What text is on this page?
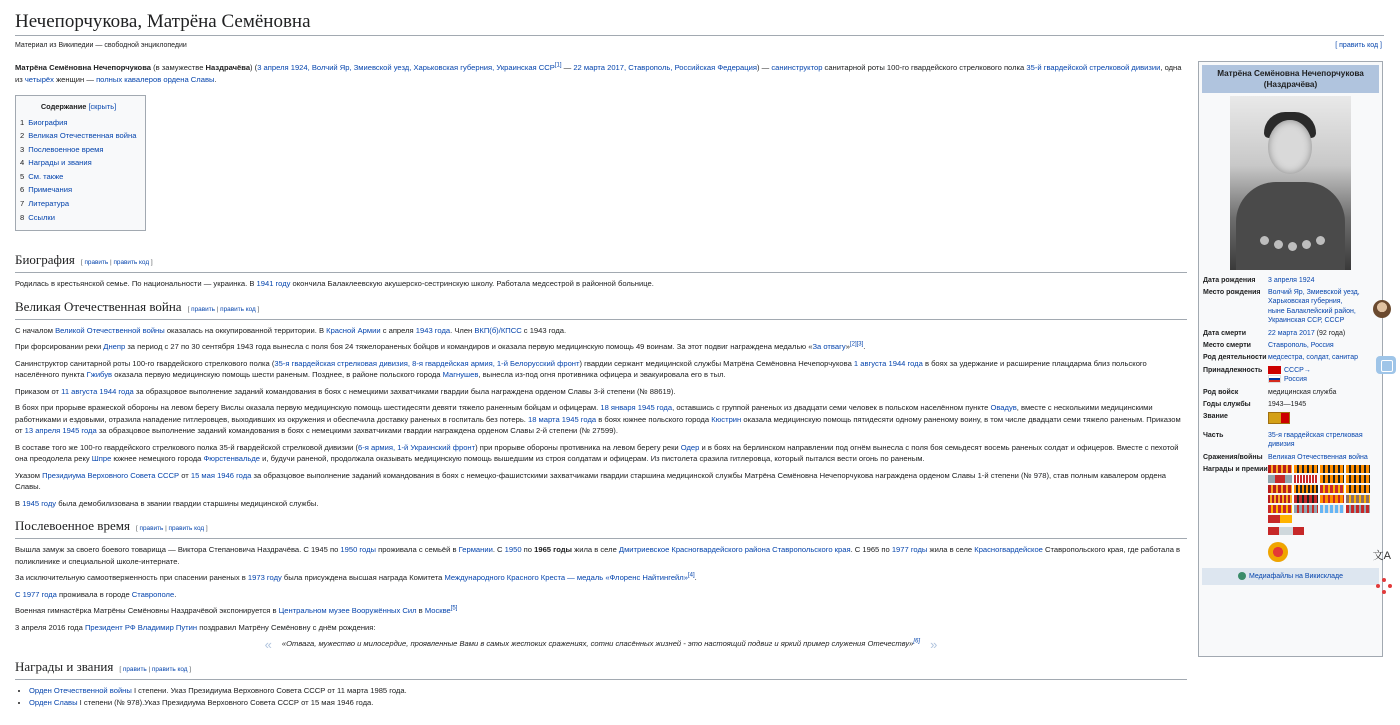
Нечепорчукова, Матрёна Семёновна
Материал из Википедии — свободной энциклопедии	[ править код ]

Матрёна Семёновна Нечепорчукова (в замужестве Наздрачёва) (3 апреля 1924, Волчий Яр, Змиевской уезд, Харьковская губерния, Украинская ССР[1] — 22 марта 2017, Ставрополь, Российская Федерация) — санинструктор санитарной роты 100-го гвардейского стрелкового полка 35-й гвардейской стрелковой дивизии, одна из четырёх женщин — полных кавалеров ордена Славы.

Содержание [скрыть]
1 Биография
2 Великая Отечественная война
3 Послевоенное время
4 Награды и звания
5 См. также
6 Примечания
7 Литература
8 Ссылки
Биография [ править | править код ]

Родилась в крестьянской семье. По национальности — украинка. В 1941 году окончила Балаклеевскую акушерско-сестринскую школу. Работала медсестрой в районной больнице.

Великая Отечественная война [ править | править код ]

С началом Великой Отечественной войны оказалась на оккупированной территории. В Красной Армии с апреля 1943 года. Член ВКП(б)/КПСС с 1943 года.

При форсировании реки Днепр за период с 27 по 30 сентября 1943 года вынесла с поля боя 24 тяжелораненых бойцов и командиров и оказала первую медицинскую помощь 49 воинам. За этот подвиг награждена медалью «За отвагу»[2][3].

Санинструктор санитарной роты 100-го гвардейского стрелкового полка (35-я гвардейская стрелковая дивизия, 8-я гвардейская армия, 1-й Белорусский фронт) гвардии сержант медицинской службы Матрёна Семёновна Нечепорчукова 1 августа 1944 года в боях за удержание и расширение плацдарма близ польского населённого пункта Гжибув оказала первую медицинскую помощь шести раненым. Позднее, в районе польского города Магнушев, вынесла из-под огня противника офицера и эвакуировала его в тыл.

Приказом от 11 августа 1944 года за образцовое выполнение заданий командования в боях с немецкими захватчиками гвардии была награждена орденом Славы 3-й степени (№ 88619).

В боях при прорыве вражеской обороны на левом берегу Вислы оказала первую медицинскую помощь шестидесяти девяти тяжело раненным бойцам и офицерам. 18 января 1945 года, оставшись с группой раненых из двадцати семи человек в польском населённом пункте Овадув, вместе с несколькими медицинскими работниками и ездовыми, отразила нападение гитлеровцев, выходивших из окружения и обеспечила доставку раненых в госпиталь без потерь. 18 марта 1945 года в боях южнее польского города Кюстрин оказала медицинскую помощь пятидесяти одному раненому воину, в том числе двадцати семи тяжело раненым. Приказом от 13 апреля 1945 года за образцовое выполнение заданий командования в боях с немецкими захватчиками гвардии награждена орденом Славы 2-й степени (№ 27599).

В составе того же 100-го гвардейского стрелкового полка 35-й гвардейской стрелковой дивизии (6-я армия, 1-й Украинский фронт) при прорыве обороны противника на левом берегу реки Одер и в боях на берлинском направлении под огнём вынесла с поля боя семьдесят восемь раненых солдат и офицеров. Вместе с пехотой она преодолела реку Шпре южнее немецкого города Фюрстенвальде и, будучи раненой, продолжала оказывать медицинскую помощь вышедшим из строя солдатам и офицерам. Из пистолета сразила гитлеровца, который пытался вести огонь по раненым.

Указом Президиума Верховного Совета СССР от 15 мая 1946 года за образцовое выполнение заданий командования в боях с немецко-фашистскими захватчиками гвардии старшина медицинской службы Матрёна Семёновна Нечепорчукова награждена орденом Славы 1-й степени (№ 978), став полным кавалером ордена Славы.

В 1945 году была демобилизована в звании гвардии старшины медицинской службы.

Послевоенное время [ править | править код ]

Вышла замуж за своего боевого товарища — Виктора Степановича Наздрачёва. С 1945 по 1950 годы проживала с семьёй в Германии. С 1950 по 1965 годы жила в селе Дмитриевское Красногвардейского района Ставропольского края. С 1965 по 1977 годы жила в селе Красногвардейское Ставропольского края, где работала в поликлинике и специальной школе-интернате.

За исключительную самоотверженность при спасении раненых в 1973 году была присуждена высшая награда Комитета Международного Красного Креста — медаль «Флоренс Найтингейл»[4].

С 1977 года проживала в городе Ставрополе.

Военная гимнастёрка Матрёны Семёновны Наздрачёвой экспонируется в Центральном музее Вооружённых Сил в Москве[5]

3 апреля 2016 года Президент РФ Владимир Путин поздравил Матрёну Семёновну с днём рождения:

« «Отвага, мужество и милосердие, проявленные Вами в самых жестоких сражениях, сотни спасённых жизней - это настоящий подвиг и яркий пример служения Отечеству»[6] »
Награды и звания [ править | править код ]
• Орден Отечественной войны I степени. Указ Президиума Верховного Совета СССР от 11 марта 1985 года.
• Орден Славы I степени (№ 978).Указ Президиума Верховного Совета СССР от 15 мая 1946 года.
Матрёна Семёновна Нечепорчукова (Наздрачёва)
Дата рождения	3 апреля 1924
Место рождения	Волчий Яр, Змиевской уезд, Харьковская губерния,
ныне Балаклейский район, Украинская ССР, СССР
Дата смерти	22 марта 2017 (92 года)
Место смерти	Ставрополь, Россия
Род деятельности	медсестра, солдат, санитар
Принадлежность	СССР→
Россия
Род войск	медицинская служба
Годы службы	1943—1945
Звание	
Часть	35-я гвардейская стрелковая дивизия
Сражения/войны	Великая Отечественная война
Награды и премии	
Медиафайлы на Викискладе
文A
